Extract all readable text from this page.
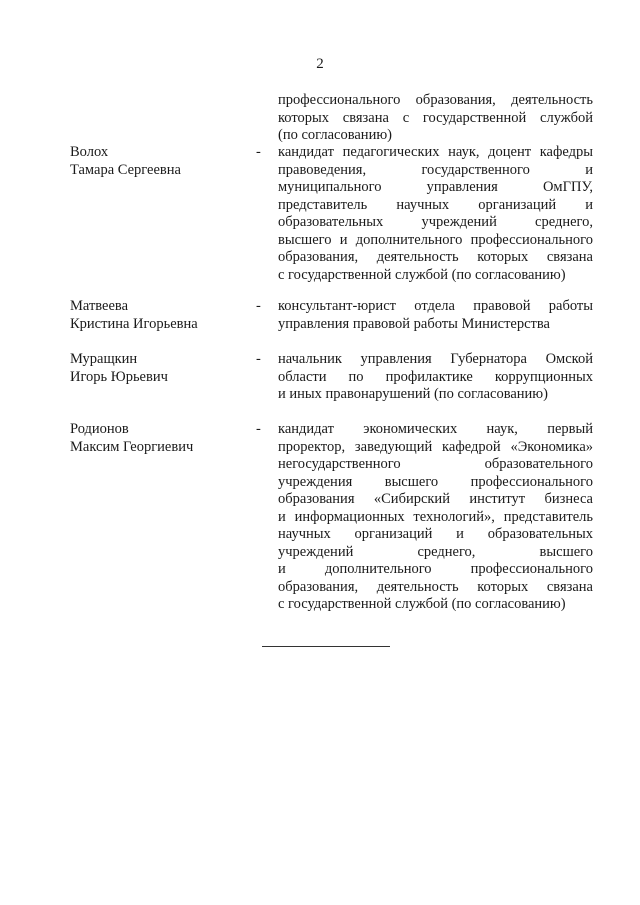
2
профессионального образования, деятельность
которых связана с государственной службой
(по согласованию)
Волох
Тамара Сергеевна
- кандидат педагогических наук, доцент кафедры
правоведения, государственного и
муниципального управления ОмГПУ,
представитель научных организаций и
образовательных учреждений среднего,
высшего и дополнительного профессионального
образования, деятельность которых связана
с государственной службой (по согласованию)
Матвеева
Кристина Игорьевна
- консультант-юрист отдела правовой работы
управления правовой работы Министерства
Муращкин
Игорь Юрьевич
- начальник управления Губернатора Омской
области по профилактике коррупционных
и иных правонарушений (по согласованию)
Родионов
Максим Георгиевич
- кандидат экономических наук, первый
проректор, заведующий кафедрой «Экономика»
негосударственного образовательного
учреждения высшего профессионального
образования «Сибирский институт бизнеса
и информационных технологий», представитель
научных организаций и образовательных
учреждений среднего, высшего
и дополнительного профессионального
образования, деятельность которых связана
с государственной службой (по согласованию)
